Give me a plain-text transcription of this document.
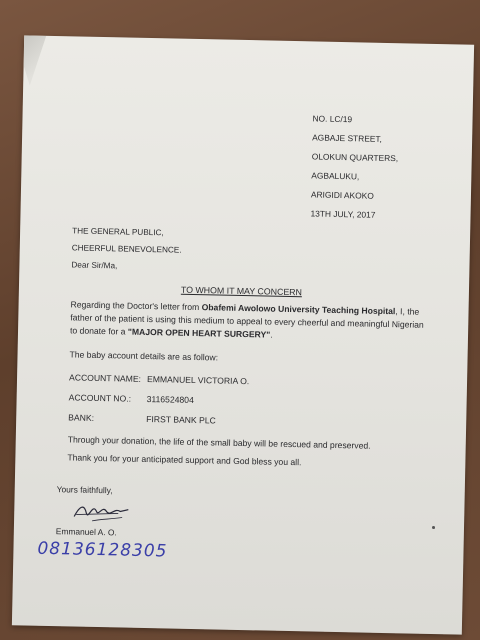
NO. LC/19
AGBAJE STREET,
OLOKUN QUARTERS,
AGBALUKU,
ARIGIDI AKOKO
13TH JULY, 2017
THE GENERAL PUBLIC,
CHEERFUL BENEVOLENCE.
Dear Sir/Ma,
TO WHOM IT MAY CONCERN
Regarding the Doctor's letter from Obafemi Awolowo University Teaching Hospital, I, the father of the patient is using this medium to appeal to every cheerful and meaningful Nigerian to donate for a "MAJOR OPEN HEART SURGERY".
The baby account details are as follow:
ACCOUNT NAME: EMMANUEL VICTORIA O.
ACCOUNT NO.:	3116524804
BANK:	FIRST BANK PLC
Through your donation, the life of the small baby will be rescued and preserved.
Thank you for your anticipated support and God bless you all.
Yours faithfully,
Emmanuel A. O.
08136128305
